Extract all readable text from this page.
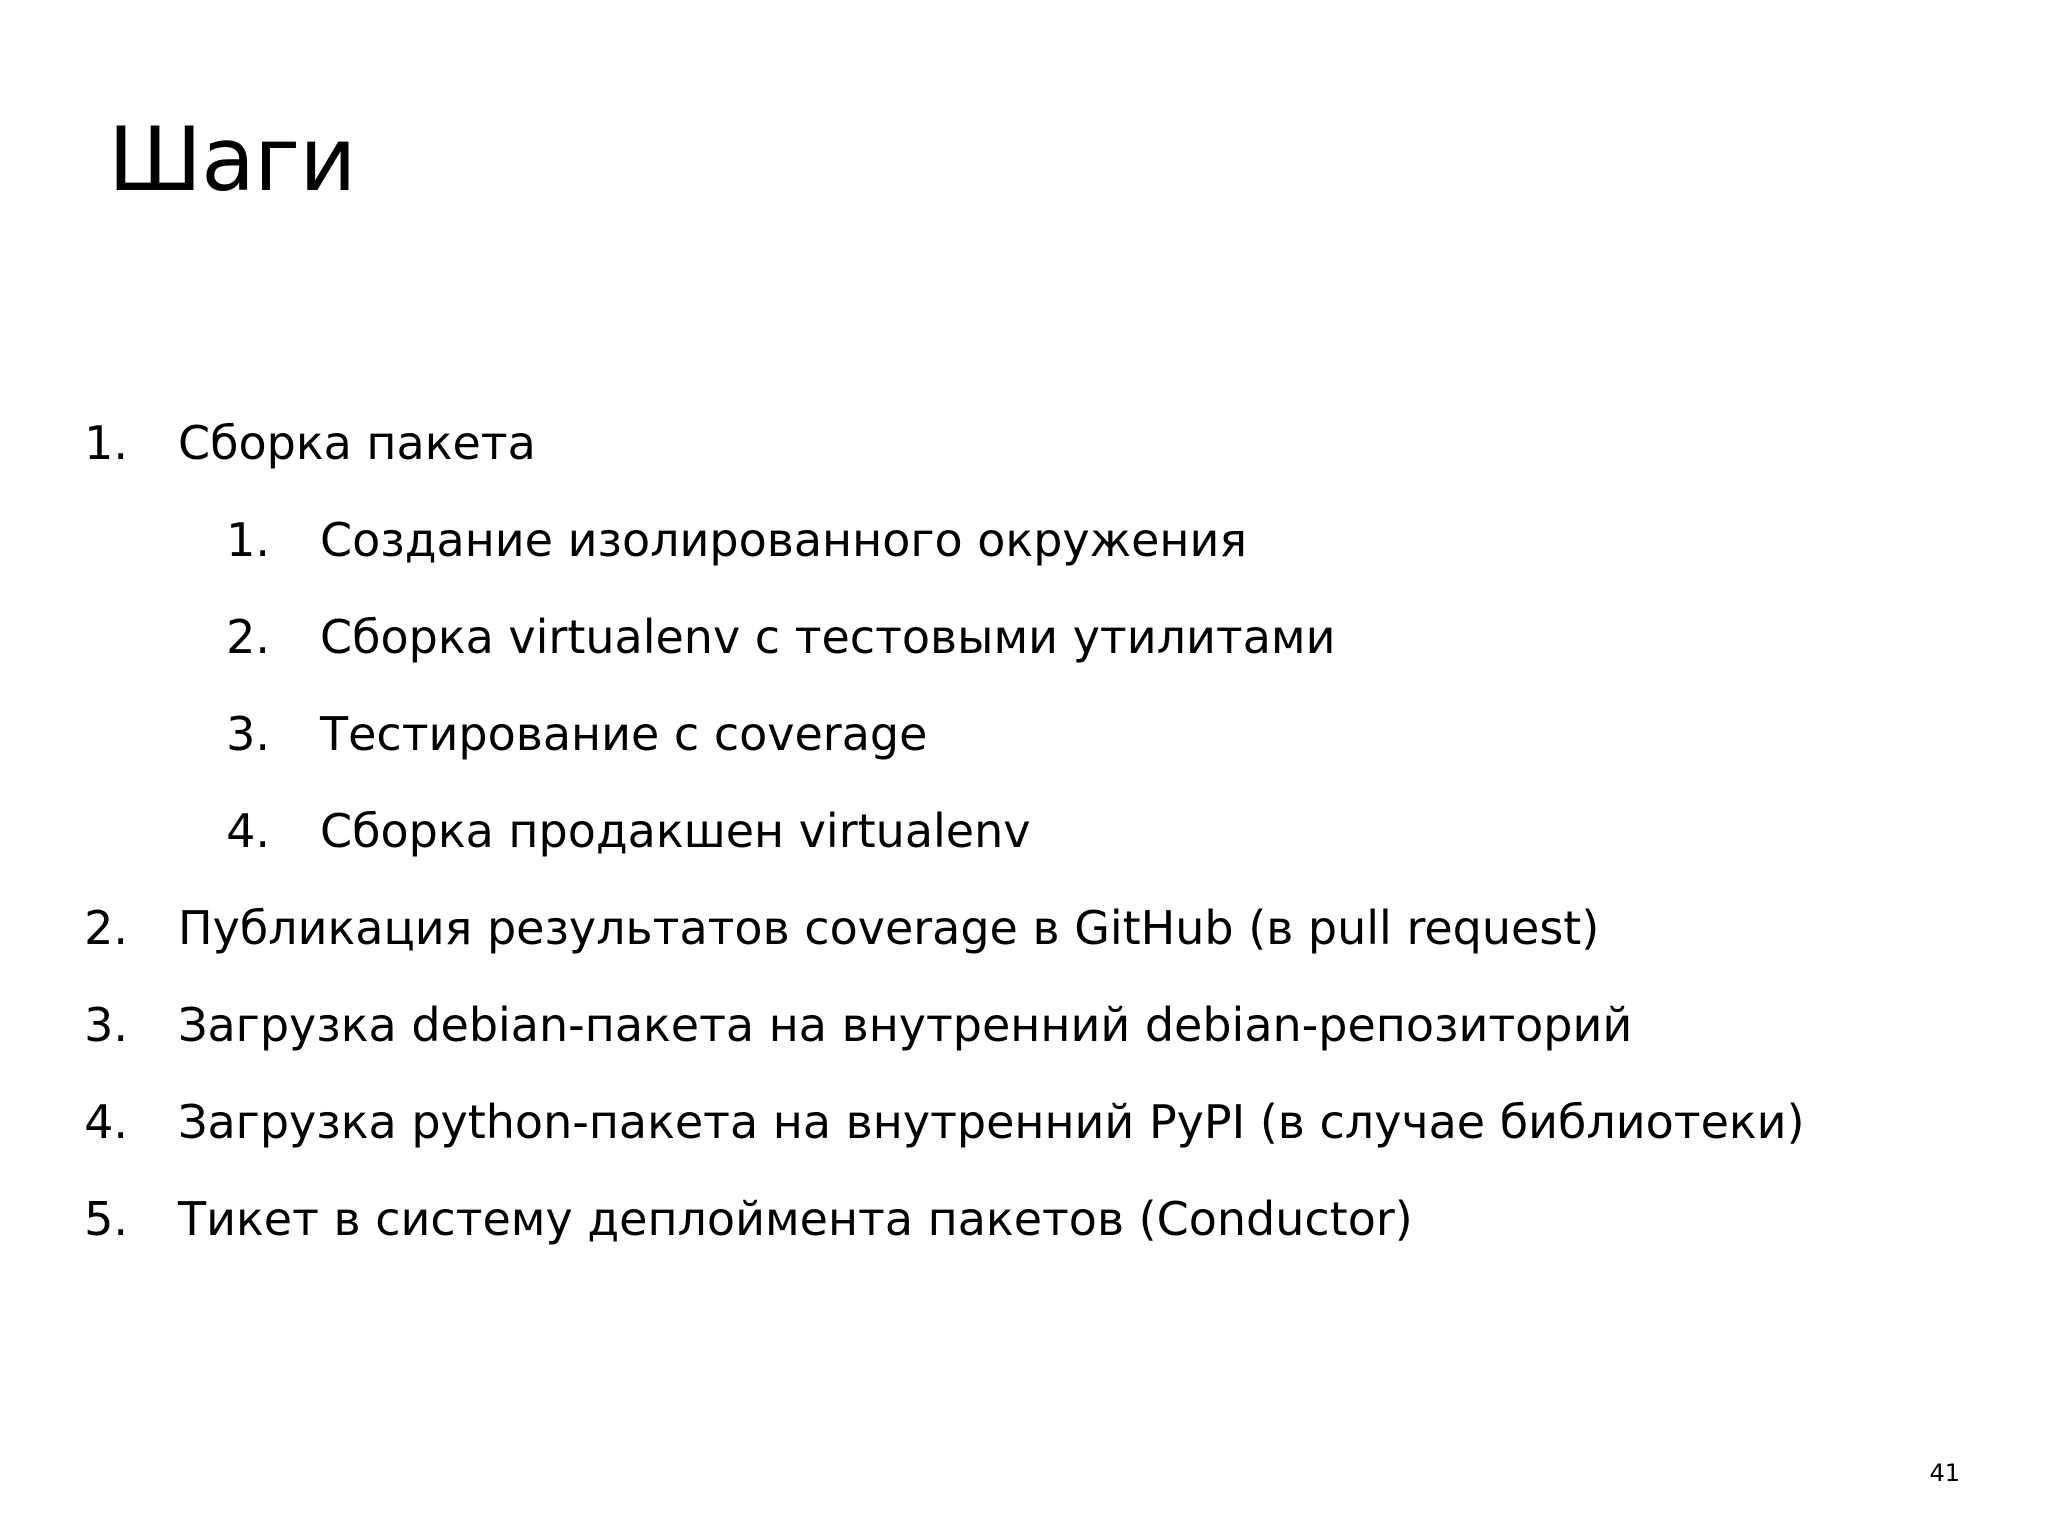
Шаги
1. Сборка пакета
1. Создание изолированного окружения
2. Сборка virtualenv с тестовыми утилитами
3. Тестирование с coverage
4. Сборка продакшен virtualenv
2. Публикация результатов coverage в GitHub (в pull request)
3. Загрузка debian-пакета на внутренний debian-репозиторий
4. Загрузка python-пакета на внутренний PyPI (в случае библиотеки)
5. Тикет в систему деплоймента пакетов (Conductor)
41
